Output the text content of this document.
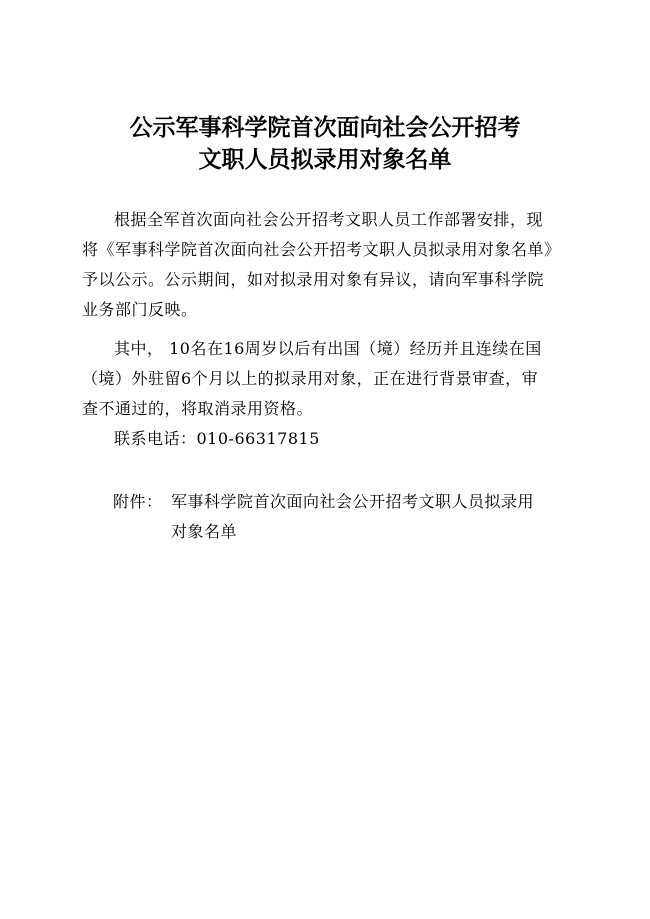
公示军事科学院首次面向社会公开招考
文职人员拟录用对象名单
根据全军首次面向社会公开招考文职人员工作部署安排，现
将《军事科学院首次面向社会公开招考文职人员拟录用对象名单》
予以公示。公示期间，如对拟录用对象有异议，请向军事科学院
业务部门反映。
其中， 10名在16周岁以后有出国（境）经历并且连续在国
（境）外驻留6个月以上的拟录用对象，正在进行背景审查，审
查不通过的，将取消录用资格。
联系电话：010-66317815
附件： 军事科学院首次面向社会公开招考文职人员拟录用
对象名单
